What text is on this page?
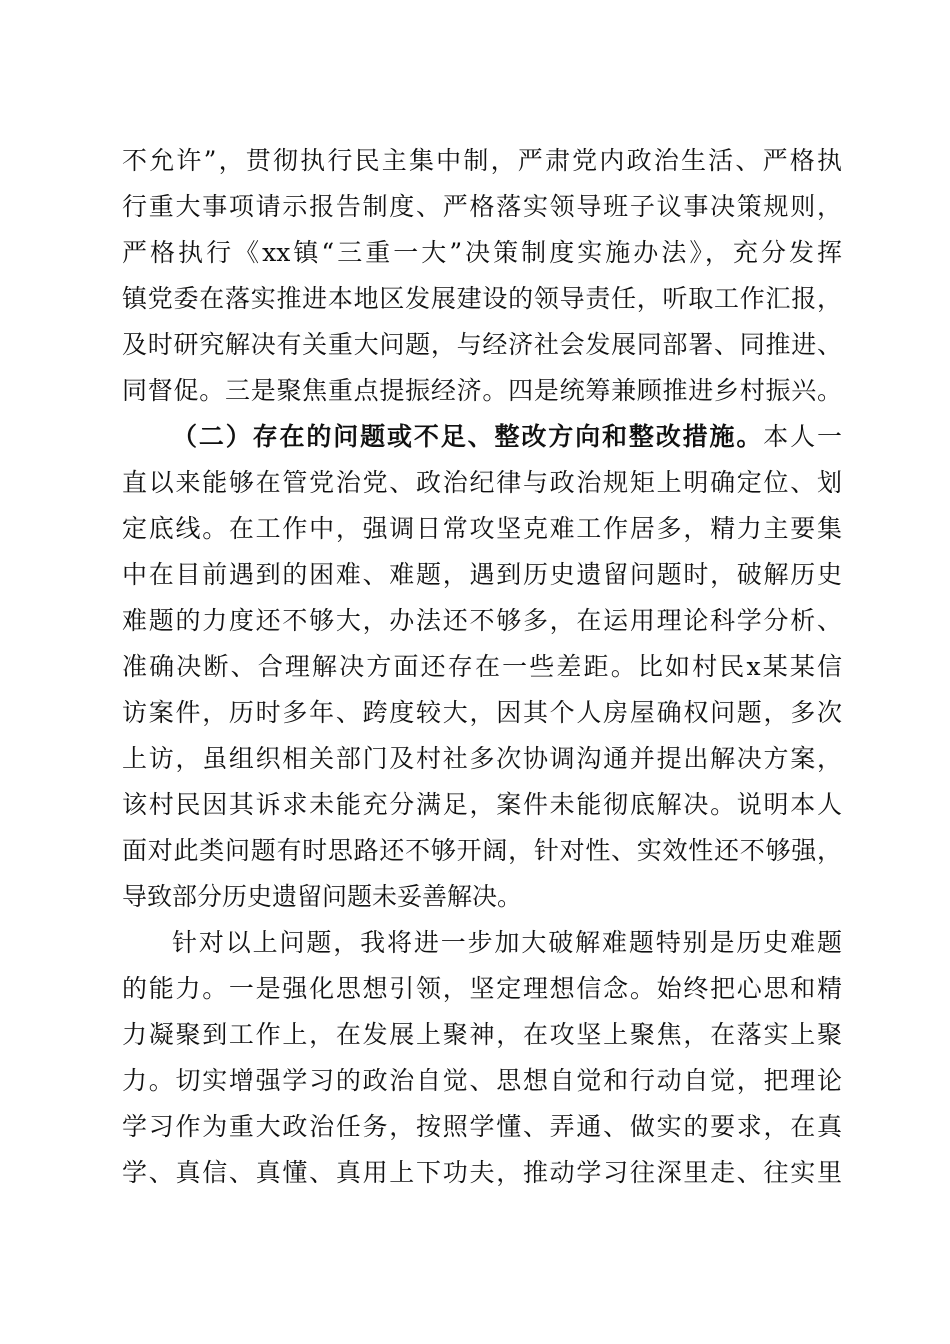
不允许”，贯彻执行民主集中制，严肃党内政治生活、严格执
行重大事项请示报告制度、严格落实领导班子议事决策规则，
严格执行《xx镇“三重一大”决策制度实施办法》，充分发挥
镇党委在落实推进本地区发展建设的领导责任，听取工作汇报，
及时研究解决有关重大问题，与经济社会发展同部署、同推进、
同督促。三是聚焦重点提振经济。四是统筹兼顾推进乡村振兴。
（二）存在的问题或不足、整改方向和整改措施。本人一
直以来能够在管党治党、政治纪律与政治规矩上明确定位、划
定底线。在工作中，强调日常攻坚克难工作居多，精力主要集
中在目前遇到的困难、难题，遇到历史遗留问题时，破解历史
难题的力度还不够大，办法还不够多，在运用理论科学分析、
准确决断、合理解决方面还存在一些差距。比如村民x某某信
访案件，历时多年、跨度较大，因其个人房屋确权问题，多次
上访，虽组织相关部门及村社多次协调沟通并提出解决方案，
该村民因其诉求未能充分满足，案件未能彻底解决。说明本人
面对此类问题有时思路还不够开阔，针对性、实效性还不够强，
导致部分历史遗留问题未妥善解决。
针对以上问题，我将进一步加大破解难题特别是历史难题
的能力。一是强化思想引领，坚定理想信念。始终把心思和精
力凝聚到工作上，在发展上聚神，在攻坚上聚焦，在落实上聚
力。切实增强学习的政治自觉、思想自觉和行动自觉，把理论
学习作为重大政治任务，按照学懂、弄通、做实的要求，在真
学、真信、真懂、真用上下功夫，推动学习往深里走、往实里
